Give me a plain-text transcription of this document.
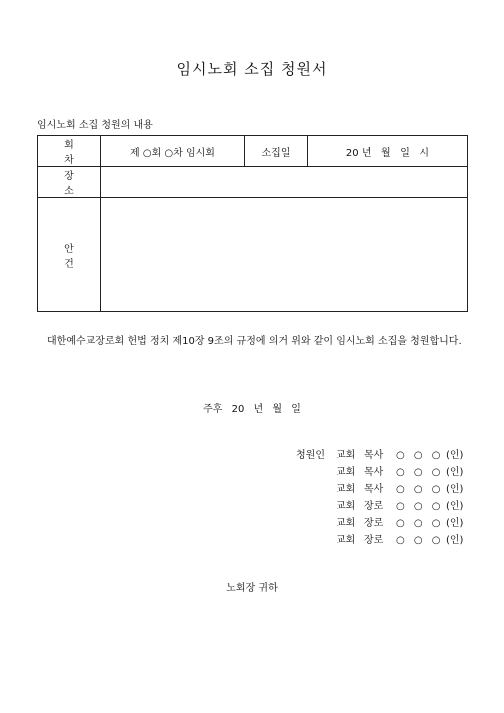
임시노회 소집 청원서
임시노회 소집 청원의 내용
회 차	제 ○회 ○차 임시회	소집일	20 년   월   일   시
장 소			
안 건			
대한예수교장로회 헌법 정치 제10장 9조의 규정에 의거 위와 같이 임시노회 소집을 청원합니다.
주후 20 년 월 일
청원인 교회 목사 ○ ○ ○ (인)
교회 목사 ○ ○ ○ (인)
교회 목사 ○ ○ ○ (인)
교회 장로 ○ ○ ○ (인)
교회 장로 ○ ○ ○ (인)
교회 장로 ○ ○ ○ (인)
노회장 귀하
